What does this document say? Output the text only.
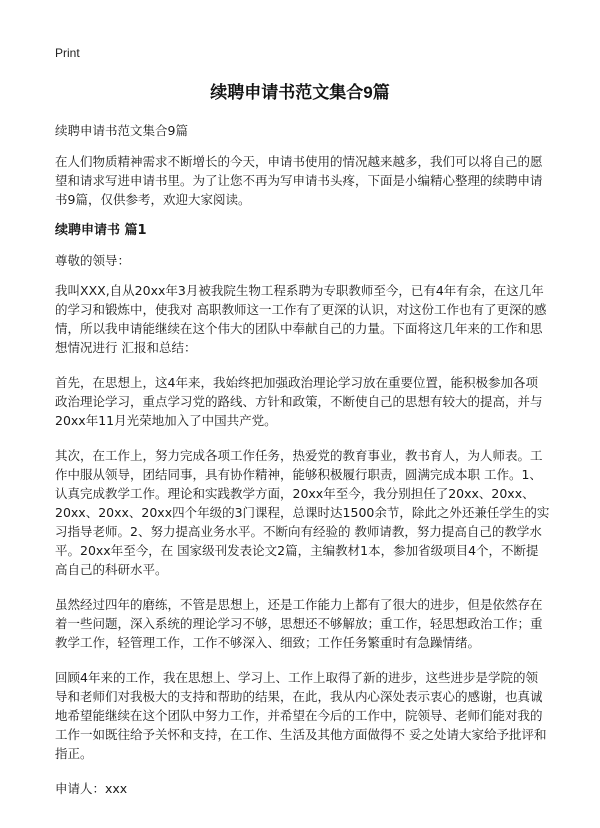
Print
续聘申请书范文集合9篇

续聘申请书范文集合9篇

在人们物质精神需求不断增长的今天，申请书使用的情况越来越多，我们可以将自己的愿望和请求写进申请书里。为了让您不再为写申请书头疼，下面是小编精心整理的续聘申请书9篇，仅供参考，欢迎大家阅读。

续聘申请书 篇1

尊敬的领导：

我叫XXX,自从20xx年3月被我院生物工程系聘为专职教师至今，已有4年有余，在这几年的学习和锻炼中，使我对 高职教师这一工作有了更深的认识，对这份工作也有了更深的感情，所以我申请能继续在这个伟大的团队中奉献自己的力量。下面将这几年来的工作和思想情况进行 汇报和总结：

首先，在思想上，这4年来，我始终把加强政治理论学习放在重要位置，能积极参加各项政治理论学习，重点学习党的路线、方针和政策，不断使自己的思想有较大的提高，并与20xx年11月光荣地加入了中国共产党。

其次，在工作上，努力完成各项工作任务，热爱党的教育事业，教书育人，为人师表。工作中服从领导，团结同事，具有协作精神，能够积极履行职责，圆满完成本职 工作。1、认真完成教学工作。理论和实践教学方面，20xx年至今，我分别担任了20xx、20xx、20xx、20xx、20xx四个年级的3门课程，总课时达1500余节，除此之外还兼任学生的实习指导老师。2、努力提高业务水平。不断向有经验的 教师请教，努力提高自己的教学水平。20xx年至今，在 国家级刊发表论文2篇，主编教材1本，参加省级项目4个，不断提高自己的科研水平。

虽然经过四年的磨练，不管是思想上，还是工作能力上都有了很大的进步，但是依然存在着一些问题，深入系统的理论学习不够，思想还不够解放；重工作，轻思想政治工作；重教学工作，轻管理工作，工作不够深入、细致；工作任务繁重时有急躁情绪。

回顾4年来的工作，我在思想上、学习上、工作上取得了新的进步，这些进步是学院的领导和老师们对我极大的支持和帮助的结果，在此，我从内心深处表示衷心的感谢，也真诚地希望能继续在这个团队中努力工作，并希望在今后的工作中，院领导、老师们能对我的工作一如既往给予关怀和支持，在工作、生活及其他方面做得不 妥之处请大家给予批评和指正。

申请人：xxx
